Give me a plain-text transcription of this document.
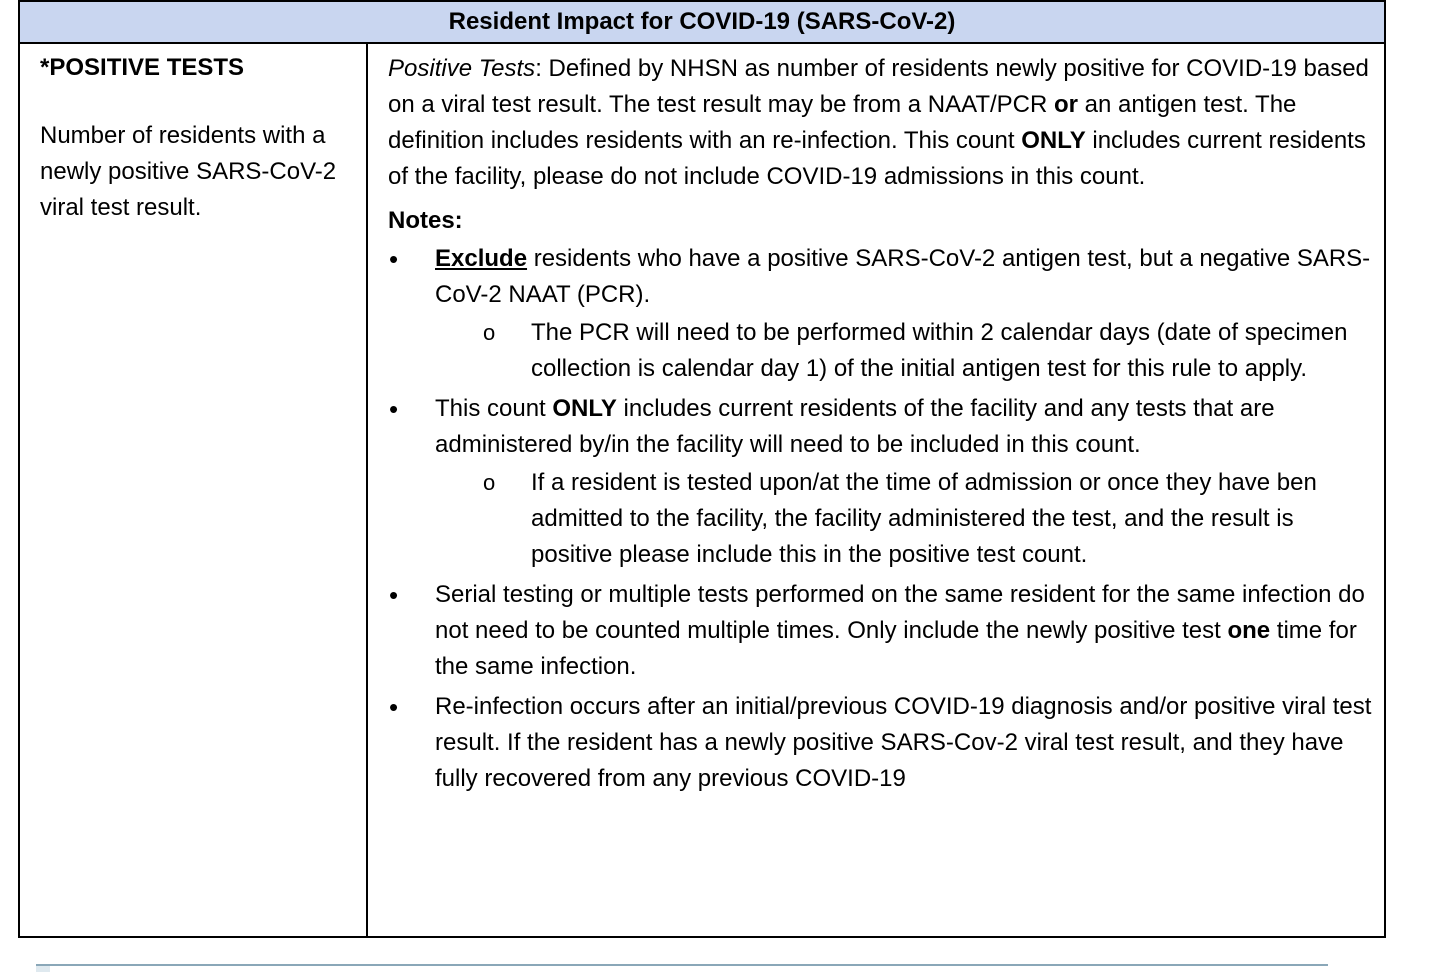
Resident Impact for COVID-19 (SARS-CoV-2)
*POSITIVE TESTS
Number of residents with a newly positive SARS-CoV-2 viral test result.

Positive Tests: Defined by NHSN as number of residents newly positive for COVID-19 based on a viral test result. The test result may be from a NAAT/PCR or an antigen test. The definition includes residents with an re-infection. This count ONLY includes current residents of the facility, please do not include COVID-19 admissions in this count.

Notes:
• Exclude residents who have a positive SARS-CoV-2 antigen test, but a negative SARS-CoV-2 NAAT (PCR).
o The PCR will need to be performed within 2 calendar days (date of specimen collection is calendar day 1) of the initial antigen test for this rule to apply.
• This count ONLY includes current residents of the facility and any tests that are administered by/in the facility will need to be included in this count.
o If a resident is tested upon/at the time of admission or once they have ben admitted to the facility, the facility administered the test, and the result is positive please include this in the positive test count.
• Serial testing or multiple tests performed on the same resident for the same infection do not need to be counted multiple times. Only include the newly positive test one time for the same infection.
• Re-infection occurs after an initial/previous COVID-19 diagnosis and/or positive viral test result. If the resident has a newly positive SARS-Cov-2 viral test result, and they have fully recovered from any previous COVID-19
